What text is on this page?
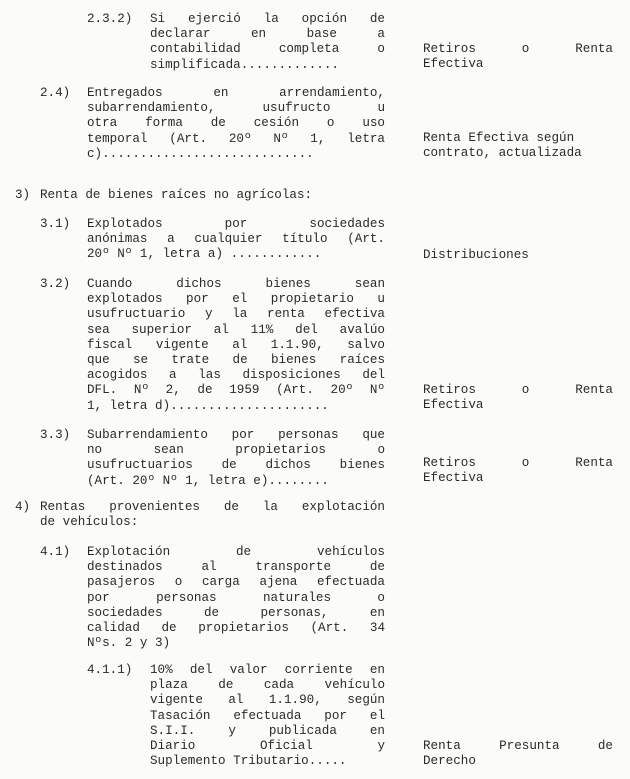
2.3.2) Si ejerció la opción de
declarar en base a
contabilidad completa o
simplificada.............
Retiros o Renta
Efectiva
2.4) Entregados en arrendamiento,
subarrendamiento, usufructo u
otra forma de cesión o uso
temporal (Art. 20º Nº 1, letra
c)............................
Renta Efectiva según
contrato, actualizada
3) Renta de bienes raíces no agrícolas:
3.1) Explotados por sociedades
anónimas a cualquier título (Art.
20º Nº 1, letra a) ............	Distribuciones
3.2) Cuando dichos bienes sean
explotados por el propietario u
usufructuario y la renta efectiva
sea superior al 11% del avalúo
fiscal vigente al 1.1.90, salvo
que se trate de bienes raíces
acogidos a las disposiciones del
DFL. Nº 2, de 1959 (Art. 20º Nº
1, letra d).....................
Retiros o Renta
Efectiva
3.3) Subarrendamiento por personas que
no sean propietarios o
usufructuarios de dichos bienes
(Art. 20º Nº 1, letra e)........
Retiros o Renta
Efectiva
4) Rentas provenientes de la explotación
de vehículos:
4.1) Explotación de vehículos
destinados al transporte de
pasajeros o carga ajena efectuada
por personas naturales o
sociedades de personas, en
calidad de propietarios (Art. 34
Nºs. 2 y 3)
4.1.1) 10% del valor corriente en
plaza de cada vehículo
vigente al 1.1.90, según
Tasación efectuada por el
S.I.I. y publicada en
Diario Oficial y
Suplemento Tributario.....
Renta Presunta de
Derecho
